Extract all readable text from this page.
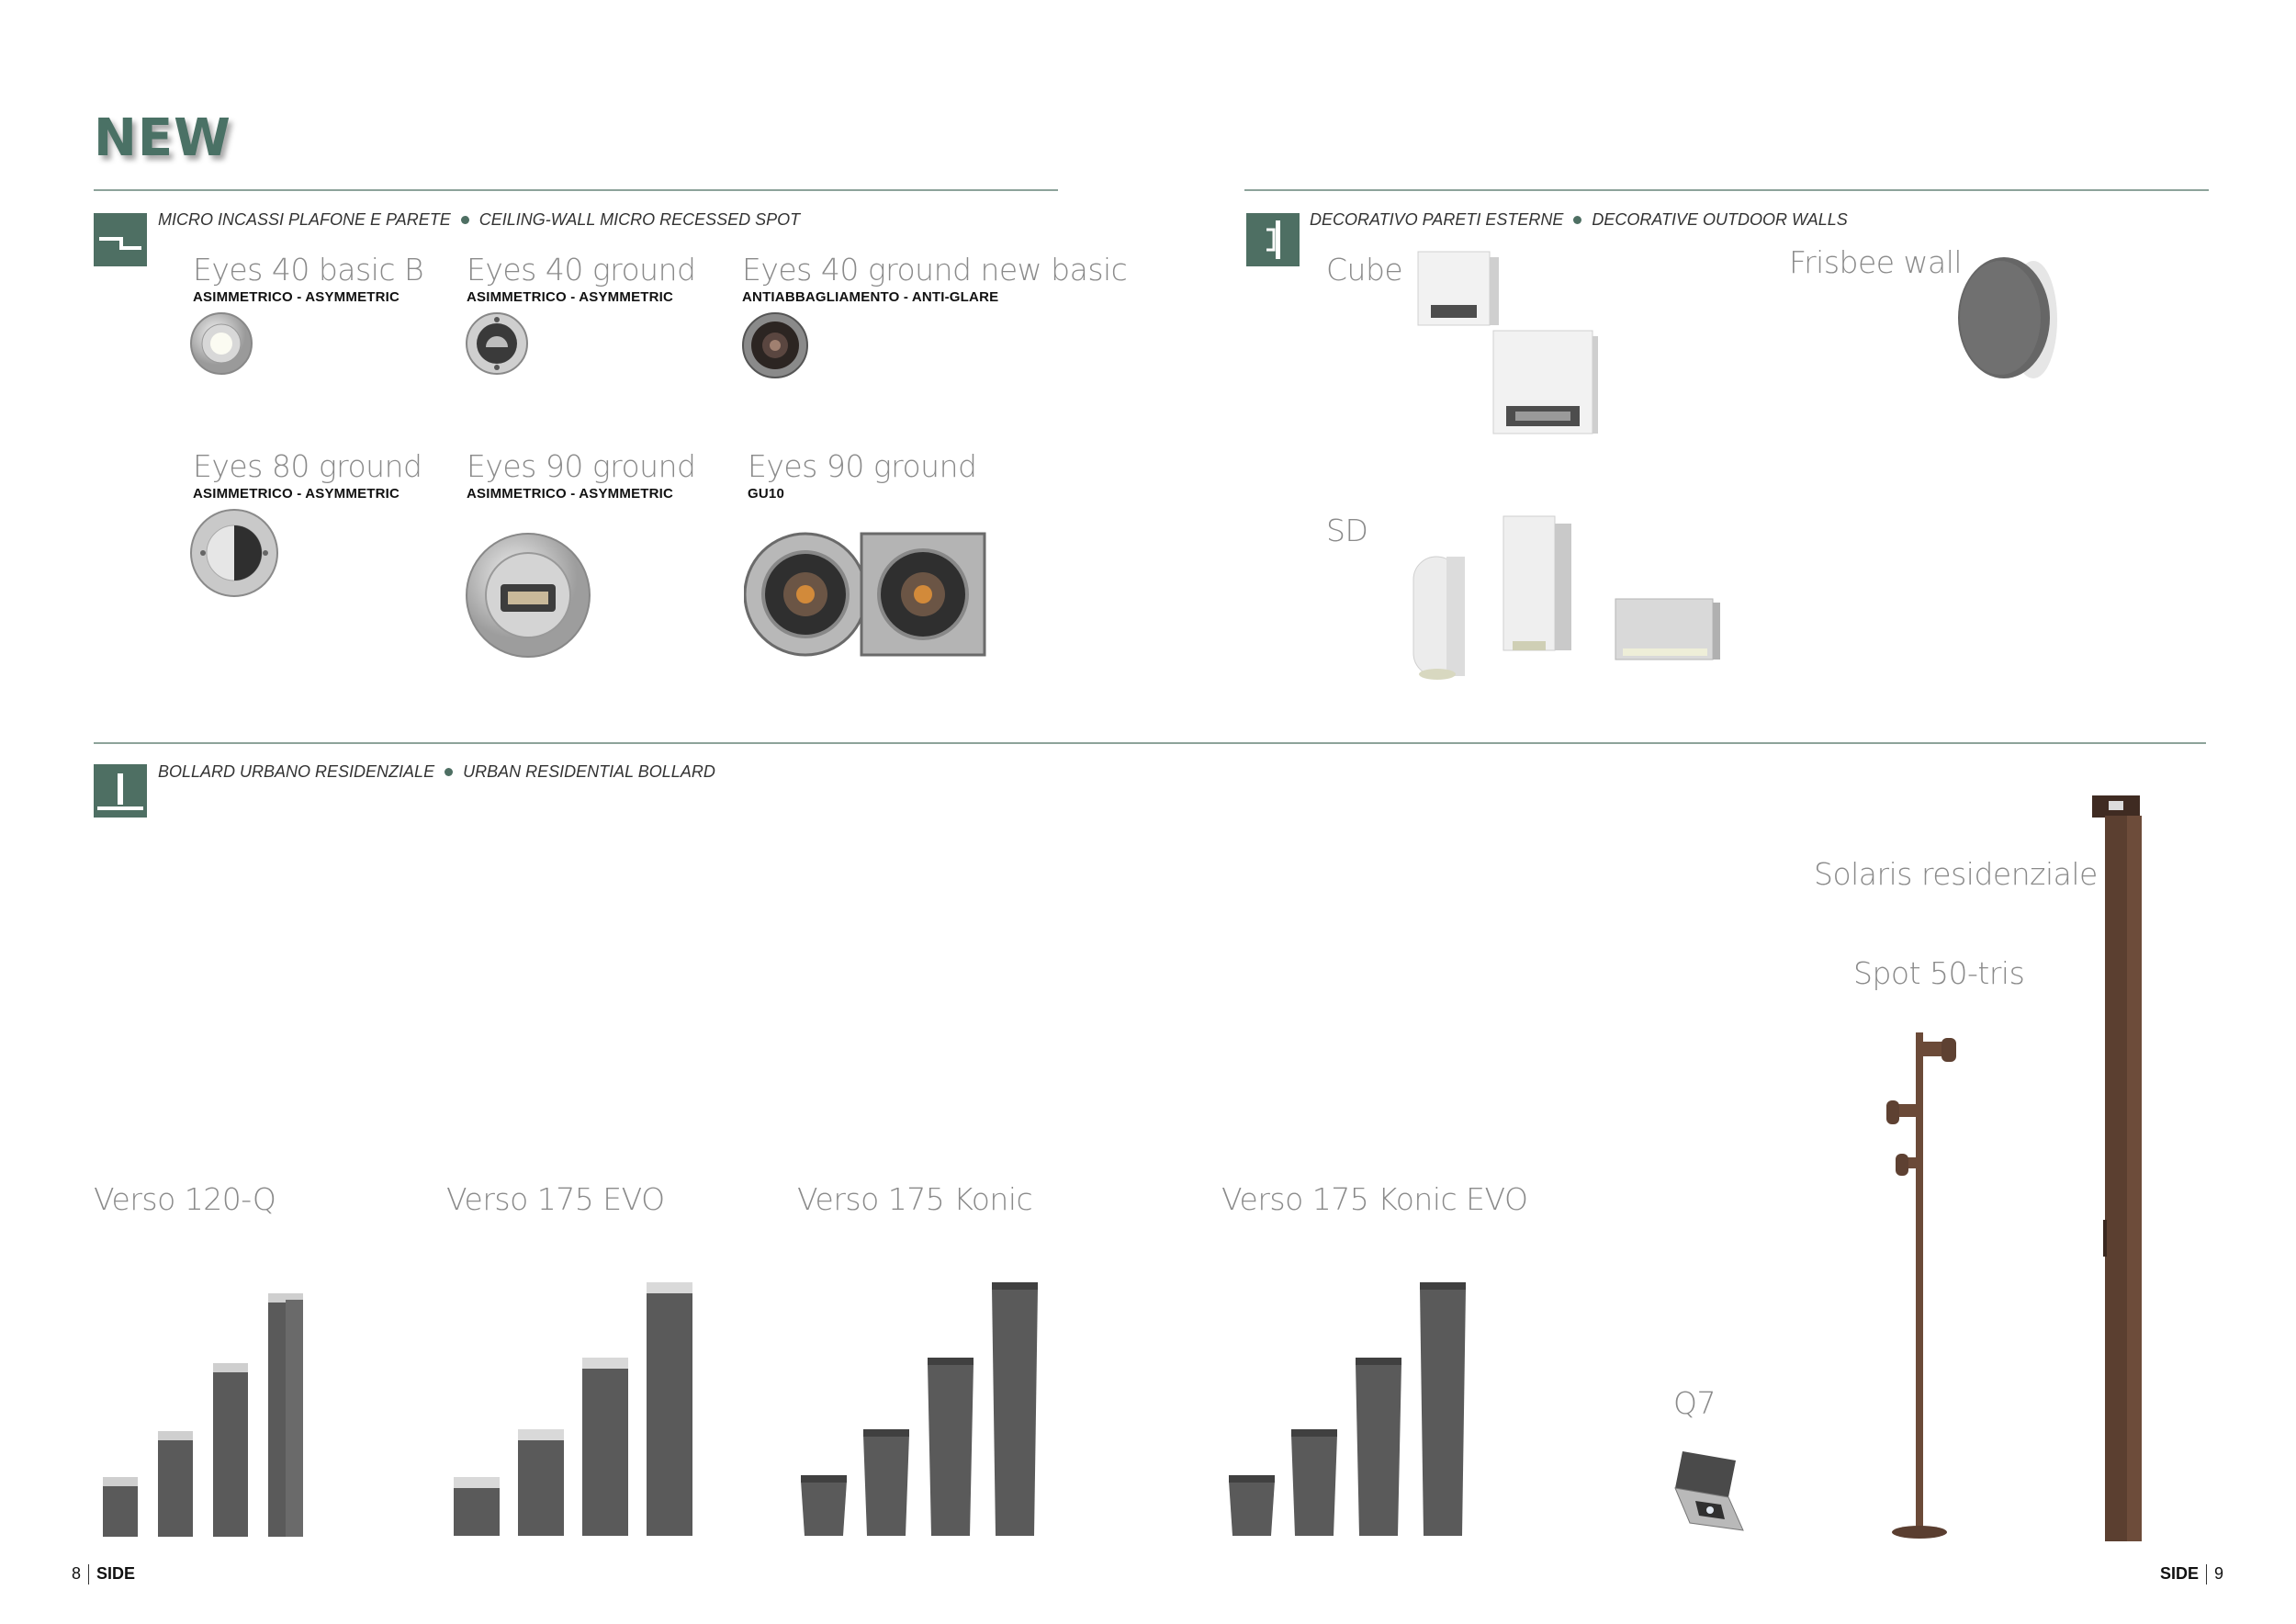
NEW
MICRO INCASSI PLAFONE E PARETE CEILING-WALL MICRO RECESSED SPOT	DECORATIVO PARETI ESTERNE DECORATIVE OUTDOOR WALLS
BOLLARD URBANO RESIDENZIALE URBAN RESIDENTIAL BOLLARD
Eyes 40 basic B
ASIMMETRICO - ASYMMETRIC
Eyes 40 ground
ASIMMETRICO - ASYMMETRIC
Eyes 40 ground new basic
ANTIABBAGLIAMENTO - ANTI-GLARE
Eyes 80 ground
ASIMMETRICO - ASYMMETRIC
Eyes 90 ground
ASIMMETRICO - ASYMMETRIC
Eyes 90 ground
GU10
Cube	Frisbee wall
SD
Verso 120-Q	Verso 175 EVO	Verso 175 Konic	Verso 175 Konic EVO
Q7
Spot 50-tris
Solaris residenziale
8 SIDE	SIDE 9
